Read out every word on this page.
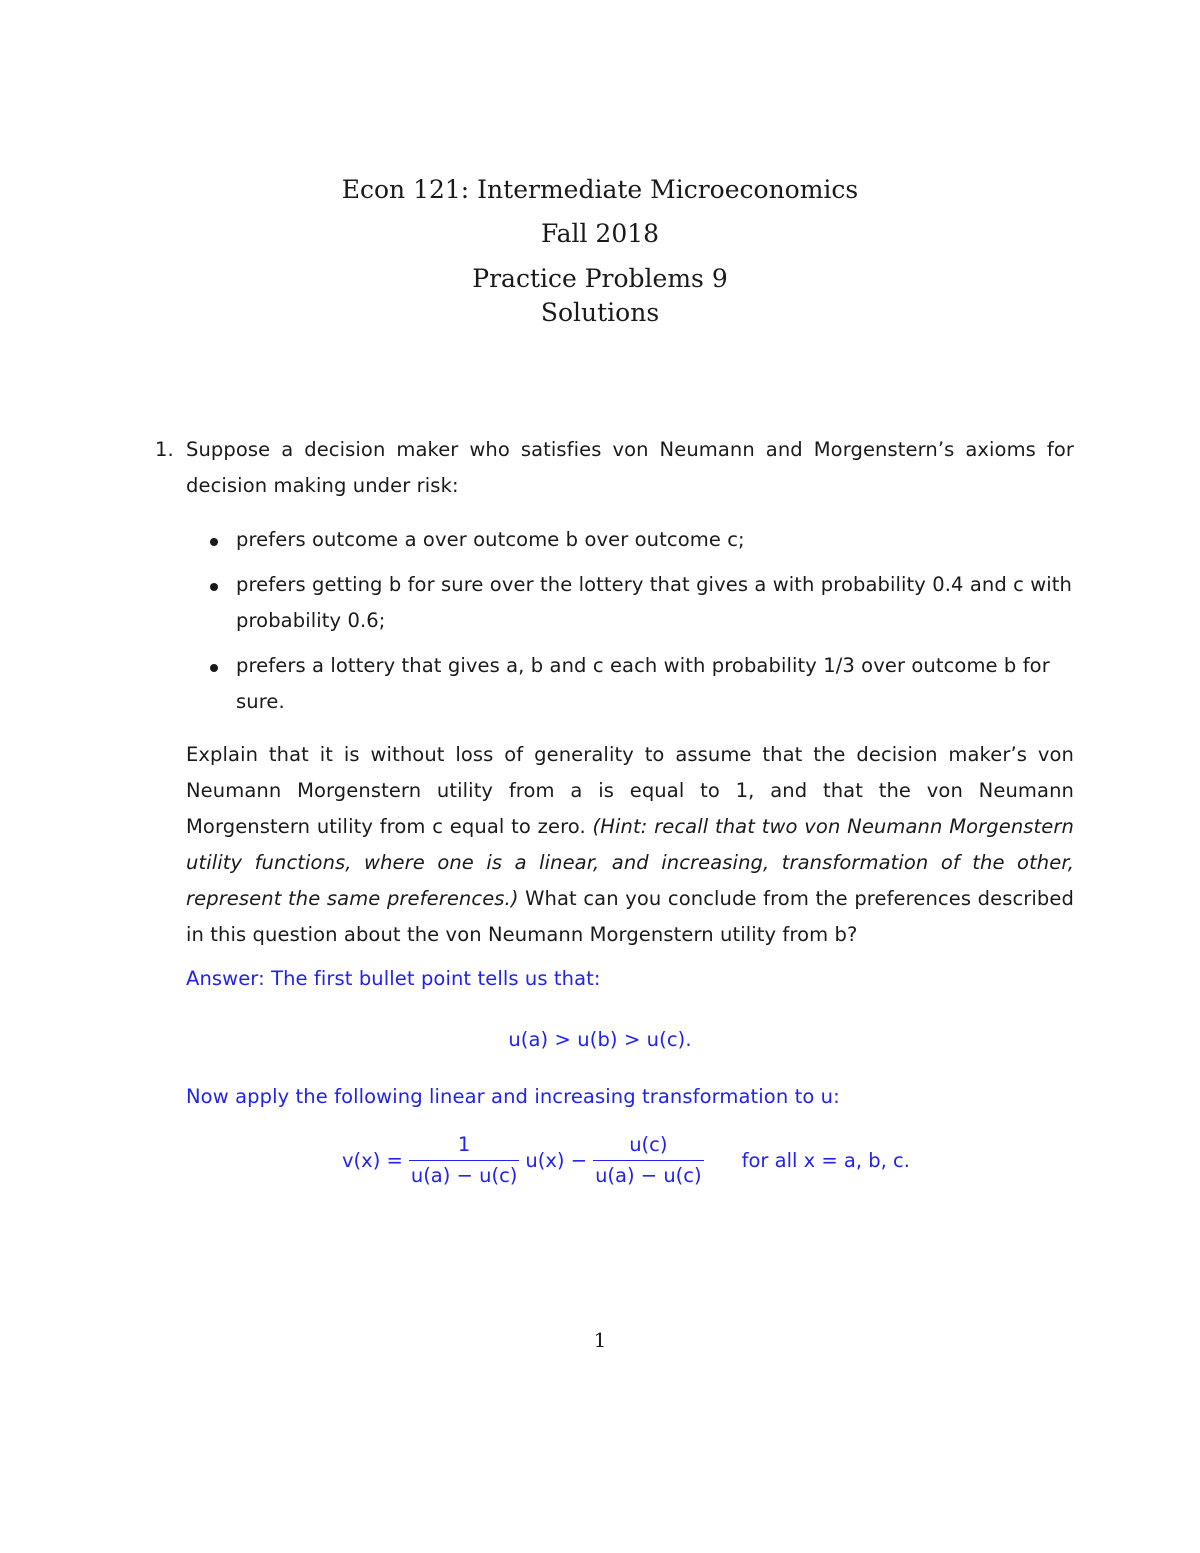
Econ 121: Intermediate Microeconomics
Fall 2018
Practice Problems 9
Solutions
1. Suppose a decision maker who satisfies von Neumann and Morgenstern’s axioms for decision making under risk:
prefers outcome a over outcome b over outcome c;
prefers getting b for sure over the lottery that gives a with probability 0.4 and c with probability 0.6;
prefers a lottery that gives a, b and c each with probability 1/3 over outcome b for sure.
Explain that it is without loss of generality to assume that the decision maker’s von Neumann Morgenstern utility from a is equal to 1, and that the von Neumann Morgenstern utility from c equal to zero. (Hint: recall that two von Neumann Morgenstern utility functions, where one is a linear, and increasing, transformation of the other, represent the same preferences.) What can you conclude from the preferences described in this question about the von Neumann Morgenstern utility from b?
Answer: The first bullet point tells us that:
u(a) > u(b) > u(c).
Now apply the following linear and increasing transformation to u:
$v(x) = \frac{1}{u(a) - u(c)} u(x) - \frac{u(c)}{u(a) - u(c)}$ for all x = a, b, c.
1
